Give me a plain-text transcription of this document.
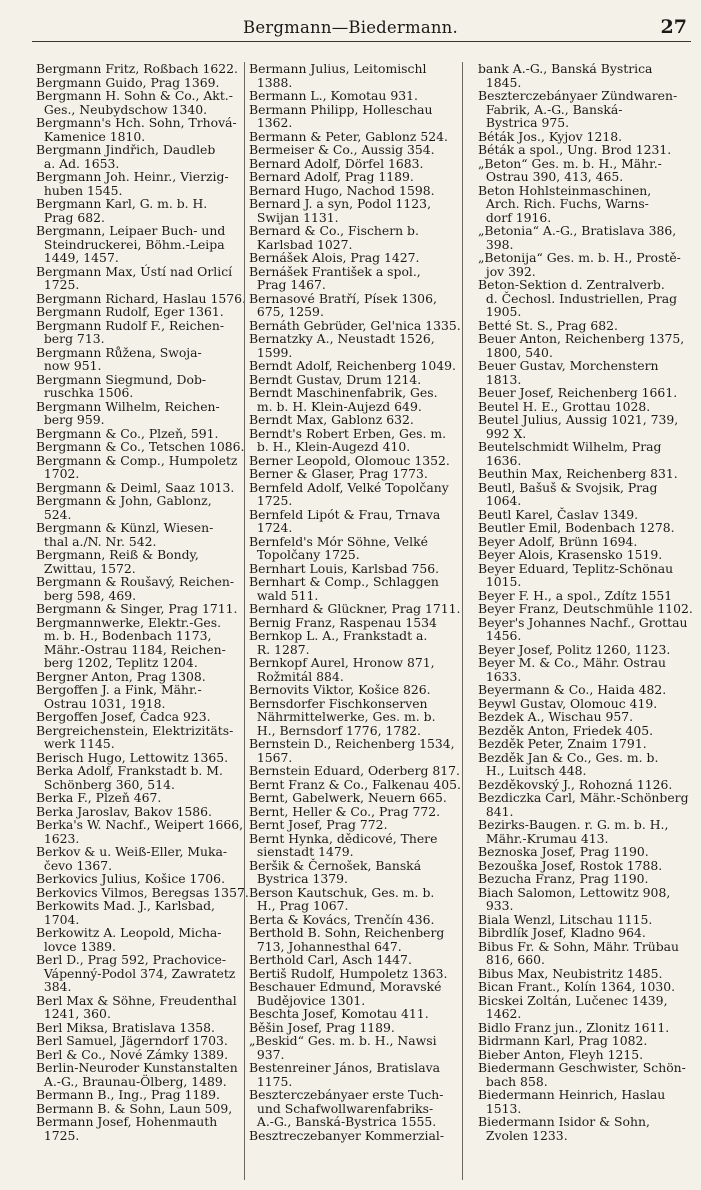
Bergmann—Biedermann.	27
Bergmann Fritz, Roßbach 1622.
Bergmann Guido, Prag 1369.
Bergmann H. Sohn & Co., Akt.-
Ges., Neubydschow 1340.
Bergmann's Hch. Sohn, Trhová-
Kamenice 1810.
Bergmann Jindřich, Daudleb
a. Ad. 1653.
Bergmann Joh. Heinr., Vierzig-
huben 1545.
Bergmann Karl, G. m. b. H.
Prag 682.
Bergmann, Leipaer Buch- und
Steindruckerei, Böhm.-Leipa
1449, 1457.
Bergmann Max, Ústí nad Orlicí
1725.
Bergmann Richard, Haslau 1576.
Bergmann Rudolf, Eger 1361.
Bergmann Rudolf F., Reichen-
berg 713.
Bergmann Růžena, Swoja-
now 951.
Bergmann Siegmund, Dob-
ruschka 1506.
Bergmann Wilhelm, Reichen-
berg 959.
Bergmann & Co., Plzeň, 591.
Bergmann & Co., Tetschen 1086.
Bergmann & Comp., Humpoletz
1702.
Bergmann & Deiml, Saaz 1013.
Bergmann & John, Gablonz,
524.
Bergmann & Künzl, Wiesen-
thal a./N. Nr. 542.
Bergmann, Reiß & Bondy,
Zwittau, 1572.
Bergmann & Roušavý, Reichen-
berg 598, 469.
Bergmann & Singer, Prag 1711.
Bergmannwerke, Elektr.-Ges.
m. b. H., Bodenbach 1173,
Mähr.-Ostrau 1184, Reichen-
berg 1202, Teplitz 1204.
Bergner Anton, Prag 1308.
Bergoffen J. a Fink, Mähr.-
Ostrau 1031, 1918.
Bergoffen Josef, Čadca 923.
Bergreichenstein, Elektrizitäts-
werk 1145.
Berisch Hugo, Lettowitz 1365.
Berka Adolf, Frankstadt b. M.
Schönberg 360, 514.
Berka F., Plzeň 467.
Berka Jaroslav, Bakov 1586.
Berka's W. Nachf., Weipert 1666,
1623.
Berkov & u. Weiß-Eller, Muka-
čevo 1367.
Berkovics Julius, Košice 1706.
Berkovics Vilmos, Beregsas 1357.
Berkowits Mad. J., Karlsbad,
1704.
Berkowitz A. Leopold, Micha-
lovce 1389.
Berl D., Prag 592, Prachovice-
Vápenný-Podol 374, Zawratetz
384.
Berl Max & Söhne, Freudenthal
1241, 360.
Berl Miksa, Bratislava 1358.
Berl Samuel, Jägerndorf 1703.
Berl & Co., Nové Zámky 1389.
Berlin-Neuroder Kunstanstalten
A.-G., Braunau-Ölberg, 1489.
Bermann B., Ing., Prag 1189.
Bermann B. & Sohn, Laun 509,
Bermann Josef, Hohenmauth
1725.
Bermann Julius, Leitomischl
1388.
Bermann L., Komotau 931.
Bermann Philipp, Holleschau
1362.
Bermann & Peter, Gablonz 524.
Bermeiser & Co., Aussig 354.
Bernard Adolf, Dörfel 1683.
Bernard Adolf, Prag 1189.
Bernard Hugo, Nachod 1598.
Bernard J. a syn, Podol 1123,
Swijan 1131.
Bernard & Co., Fischern b.
Karlsbad 1027.
Bernášek Alois, Prag 1427.
Bernášek František a spol.,
Prag 1467.
Bernasové Bratří, Písek 1306,
675, 1259.
Bernáth Gebrüder, Gel'nica 1335.
Bernatzky A., Neustadt 1526,
1599.
Berndt Adolf, Reichenberg 1049.
Berndt Gustav, Drum 1214.
Berndt Maschinenfabrik, Ges.
m. b. H. Klein-Aujezd 649.
Berndt Max, Gablonz 632.
Berndt's Robert Erben, Ges. m.
b. H., Klein-Augezd 410.
Berner Leopold, Olomouc 1352.
Berner & Glaser, Prag 1773.
Bernfeld Adolf, Velké Topolčany
1725.
Bernfeld Lipót & Frau, Trnava
1724.
Bernfeld's Mór Söhne, Velké
Topolčany 1725.
Bernhart Louis, Karlsbad 756.
Bernhart & Comp., Schlaggen
wald 511.
Bernhard & Glückner, Prag 1711.
Bernig Franz, Raspenau 1534
Bernkop L. A., Frankstadt a.
R. 1287.
Bernkopf Aurel, Hronow 871,
Rožmitál 884.
Bernovits Viktor, Košice 826.
Bernsdorfer Fischkonserven
Nährmittelwerke, Ges. m. b.
H., Bernsdorf 1776, 1782.
Bernstein D., Reichenberg 1534,
1567.
Bernstein Eduard, Oderberg 817.
Bernt Franz & Co., Falkenau 405.
Bernt, Gabelwerk, Neuern 665.
Bernt, Heller & Co., Prag 772.
Bernt Josef, Prag 772.
Bernt Hynka, dědicové, There
sienstadt 1479.
Beršik & Černošek, Banská
Bystrica 1379.
Berson Kautschuk, Ges. m. b.
H., Prag 1067.
Berta & Kovács, Trenčín 436.
Berthold B. Sohn, Reichenberg
713, Johannesthal 647.
Berthold Carl, Asch 1447.
Bertiš Rudolf, Humpoletz 1363.
Beschauer Edmund, Moravské
Budějovice 1301.
Beschta Josef, Komotau 411.
Běšin Josef, Prag 1189.
„Beskid“ Ges. m. b. H., Nawsi
937.
Bestenreiner János, Bratislava
1175.
Beszterczebányaer erste Tuch-
und Schafwollwarenfabriks-
A.-G., Banská-Bystrica 1555.
Besztreczebanyer Kommerzial-
bank A.-G., Banská Bystrica
1845.
Beszterczebányaer Zündwaren-
Fabrik, A.-G., Banská-
Bystrica 975.
Béták Jos., Kyjov 1218.
Béták a spol., Ung. Brod 1231.
„Beton“ Ges. m. b. H., Mähr.-
Ostrau 390, 413, 465.
Beton Hohlsteinmaschinen,
Arch. Rich. Fuchs, Warns-
dorf 1916.
„Betonia“ A.-G., Bratislava 386,
398.
„Betonija“ Ges. m. b. H., Prostě-
jov 392.
Beton-Sektion d. Zentralverb.
d. Čechosl. Industriellen, Prag
1905.
Betté St. S., Prag 682.
Beuer Anton, Reichenberg 1375,
1800, 540.
Beuer Gustav, Morchenstern
1813.
Beuer Josef, Reichenberg 1661.
Beutel H. E., Grottau 1028.
Beutel Julius, Aussig 1021, 739,
992 X.
Beutelschmidt Wilhelm, Prag
1636.
Beuthin Max, Reichenberg 831.
Beutl, Bašuš & Svojsik, Prag
1064.
Beutl Karel, Časlav 1349.
Beutler Emil, Bodenbach 1278.
Beyer Adolf, Brünn 1694.
Beyer Alois, Krasensko 1519.
Beyer Eduard, Teplitz-Schönau
1015.
Beyer F. H., a spol., Zdítz 1551
Beyer Franz, Deutschmühle 1102.
Beyer's Johannes Nachf., Grottau
1456.
Beyer Josef, Politz 1260, 1123.
Beyer M. & Co., Mähr. Ostrau
1633.
Beyermann & Co., Haida 482.
Beywl Gustav, Olomouc 419.
Bezdek A., Wischau 957.
Bezděk Anton, Friedek 405.
Bezděk Peter, Znaim 1791.
Bezděk Jan & Co., Ges. m. b.
H., Luitsch 448.
Bezděkovský J., Rohozná 1126.
Bezdiczka Carl, Mähr.-Schönberg
841.
Bezirks-Baugen. r. G. m. b. H.,
Mähr.-Krumau 413.
Beznoska Josef, Prag 1190.
Bezouška Josef, Rostok 1788.
Bezucha Franz, Prag 1190.
Biach Salomon, Lettowitz 908,
933.
Biala Wenzl, Litschau 1115.
Bibrdlík Josef, Kladno 964.
Bibus Fr. & Sohn, Mähr. Trübau
816, 660.
Bibus Max, Neubistritz 1485.
Bican Frant., Kolín 1364, 1030.
Bicskei Zoltán, Lučenec 1439,
1462.
Bidlo Franz jun., Zlonitz 1611.
Bidrmann Karl, Prag 1082.
Bieber Anton, Fleyh 1215.
Biedermann Geschwister, Schön-
bach 858.
Biedermann Heinrich, Haslau
1513.
Biedermann Isidor & Sohn,
Zvolen 1233.
